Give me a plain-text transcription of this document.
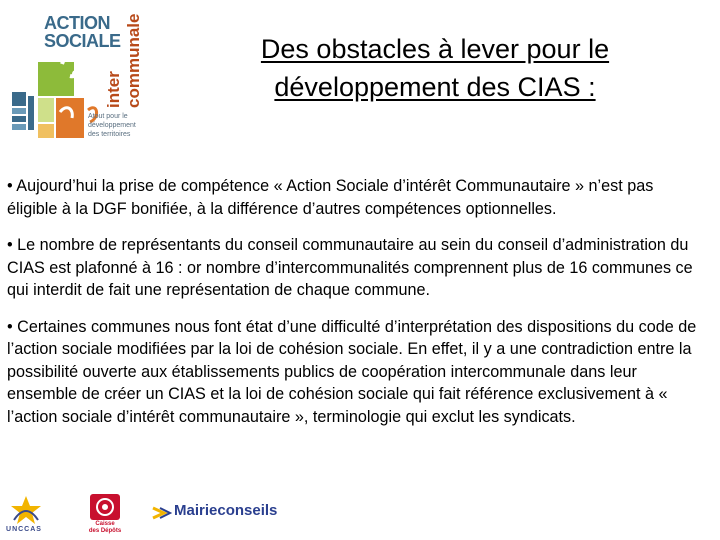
ACTION
SOCIALE
inter
communale
Atout pour le
développement
des territoires
Des obstacles à lever pour le
développement des CIAS :

• Aujourd’hui la prise de compétence « Action Sociale d’intérêt Communautaire » n’est pas éligible à la DGF bonifiée, à la différence d’autres compétences optionnelles.

• Le nombre de représentants du conseil communautaire au sein du conseil d’administration du CIAS est plafonné à 16 : or nombre d’intercommunalités comprennent plus de 16 communes ce qui interdit de fait une représentation de chaque commune.

• Certaines communes nous font état d’une difficulté d’interprétation des dispositions du code de l’action sociale modifiées par la loi de cohésion sociale. En effet, il y a une contradiction entre la possibilité ouverte aux établissements publics de coopération intercommunale dans leur ensemble de créer un CIAS et la loi de cohésion sociale qui fait référence exclusivement à « l’action sociale d’intérêt communautaire », terminologie qui exclut les syndicats.

UNCCAS
Caisse
des Dépôts
Mairieconseils
